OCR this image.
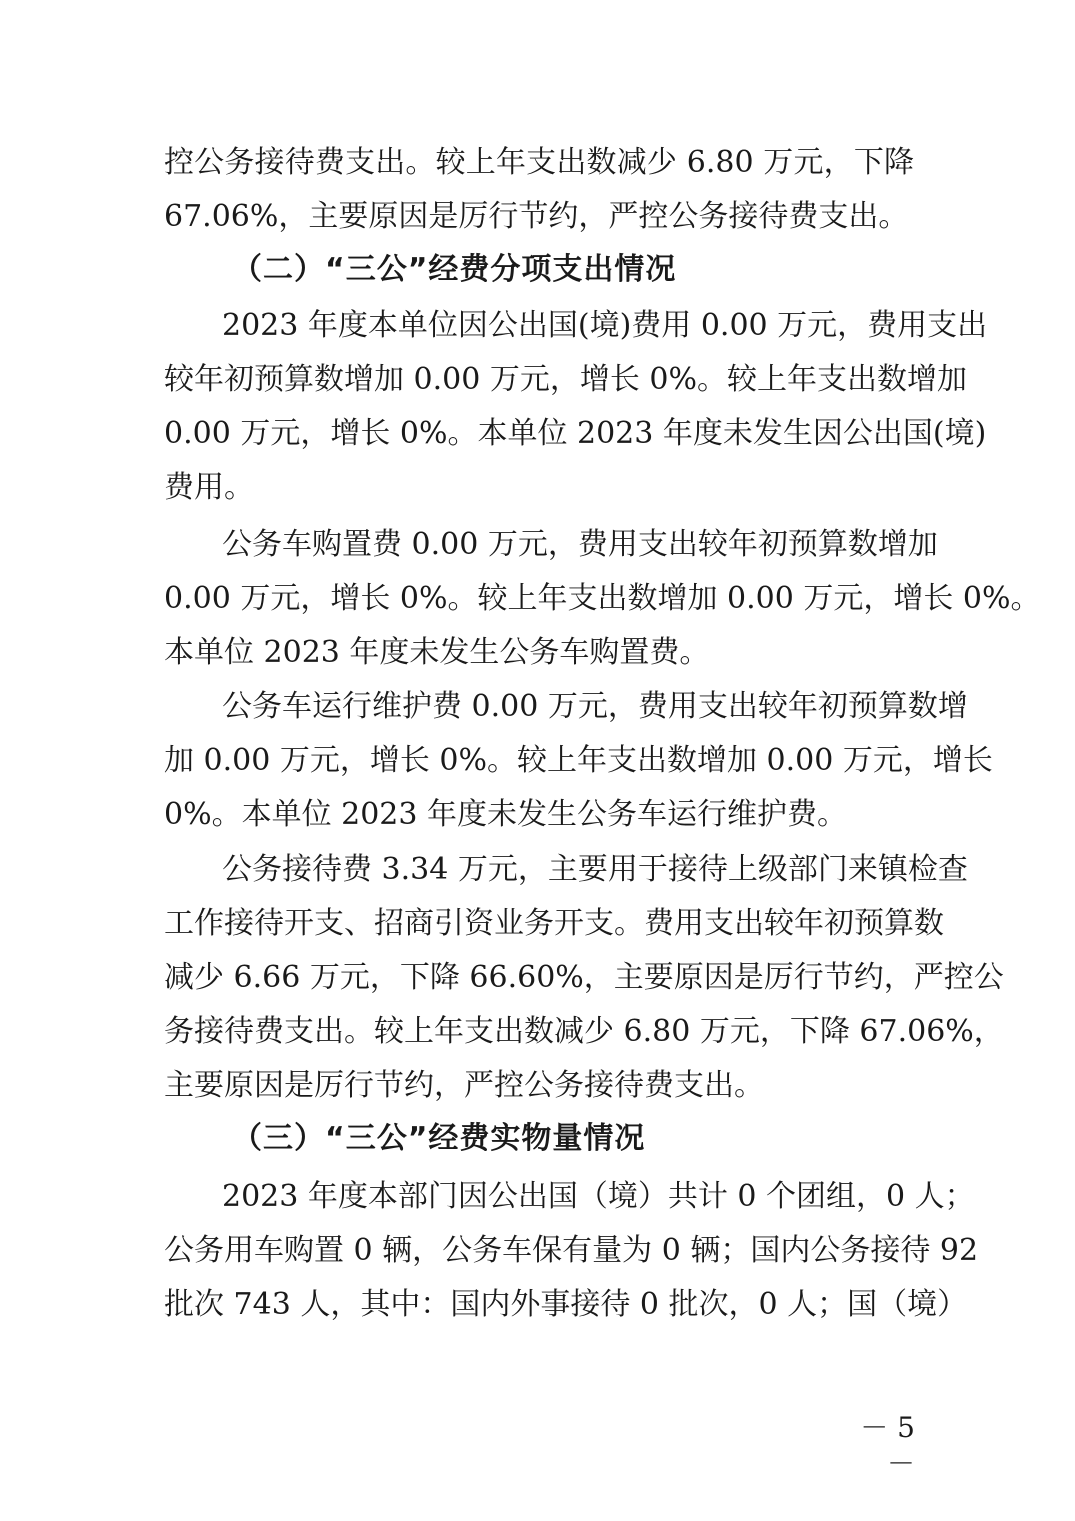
控公务接待费支出。较上年支出数减少 6.80 万元，下降
67.06%，主要原因是厉行节约，严控公务接待费支出。
（二）“三公”经费分项支出情况
2023 年度本单位因公出国(境)费用 0.00 万元，费用支出
较年初预算数增加 0.00 万元，增长 0%。较上年支出数增加
0.00 万元，增长 0%。本单位 2023 年度未发生因公出国(境)
费用。
公务车购置费 0.00 万元，费用支出较年初预算数增加
0.00 万元，增长 0%。较上年支出数增加 0.00 万元，增长 0%。
本单位 2023 年度未发生公务车购置费。
公务车运行维护费 0.00 万元，费用支出较年初预算数增
加 0.00 万元，增长 0%。较上年支出数增加 0.00 万元，增长
0%。本单位 2023 年度未发生公务车运行维护费。
公务接待费 3.34 万元，主要用于接待上级部门来镇检查
工作接待开支、招商引资业务开支。费用支出较年初预算数
减少 6.66 万元，下降 66.60%，主要原因是厉行节约，严控公
务接待费支出。较上年支出数减少 6.80 万元，下降 67.06%，
主要原因是厉行节约，严控公务接待费支出。
（三）“三公”经费实物量情况
2023 年度本部门因公出国（境）共计 0 个团组，0 人；
公务用车购置 0 辆，公务车保有量为 0 辆；国内公务接待 92
批次 743 人，其中：国内外事接待 0 批次，0 人；国（境）
－ 5 －
